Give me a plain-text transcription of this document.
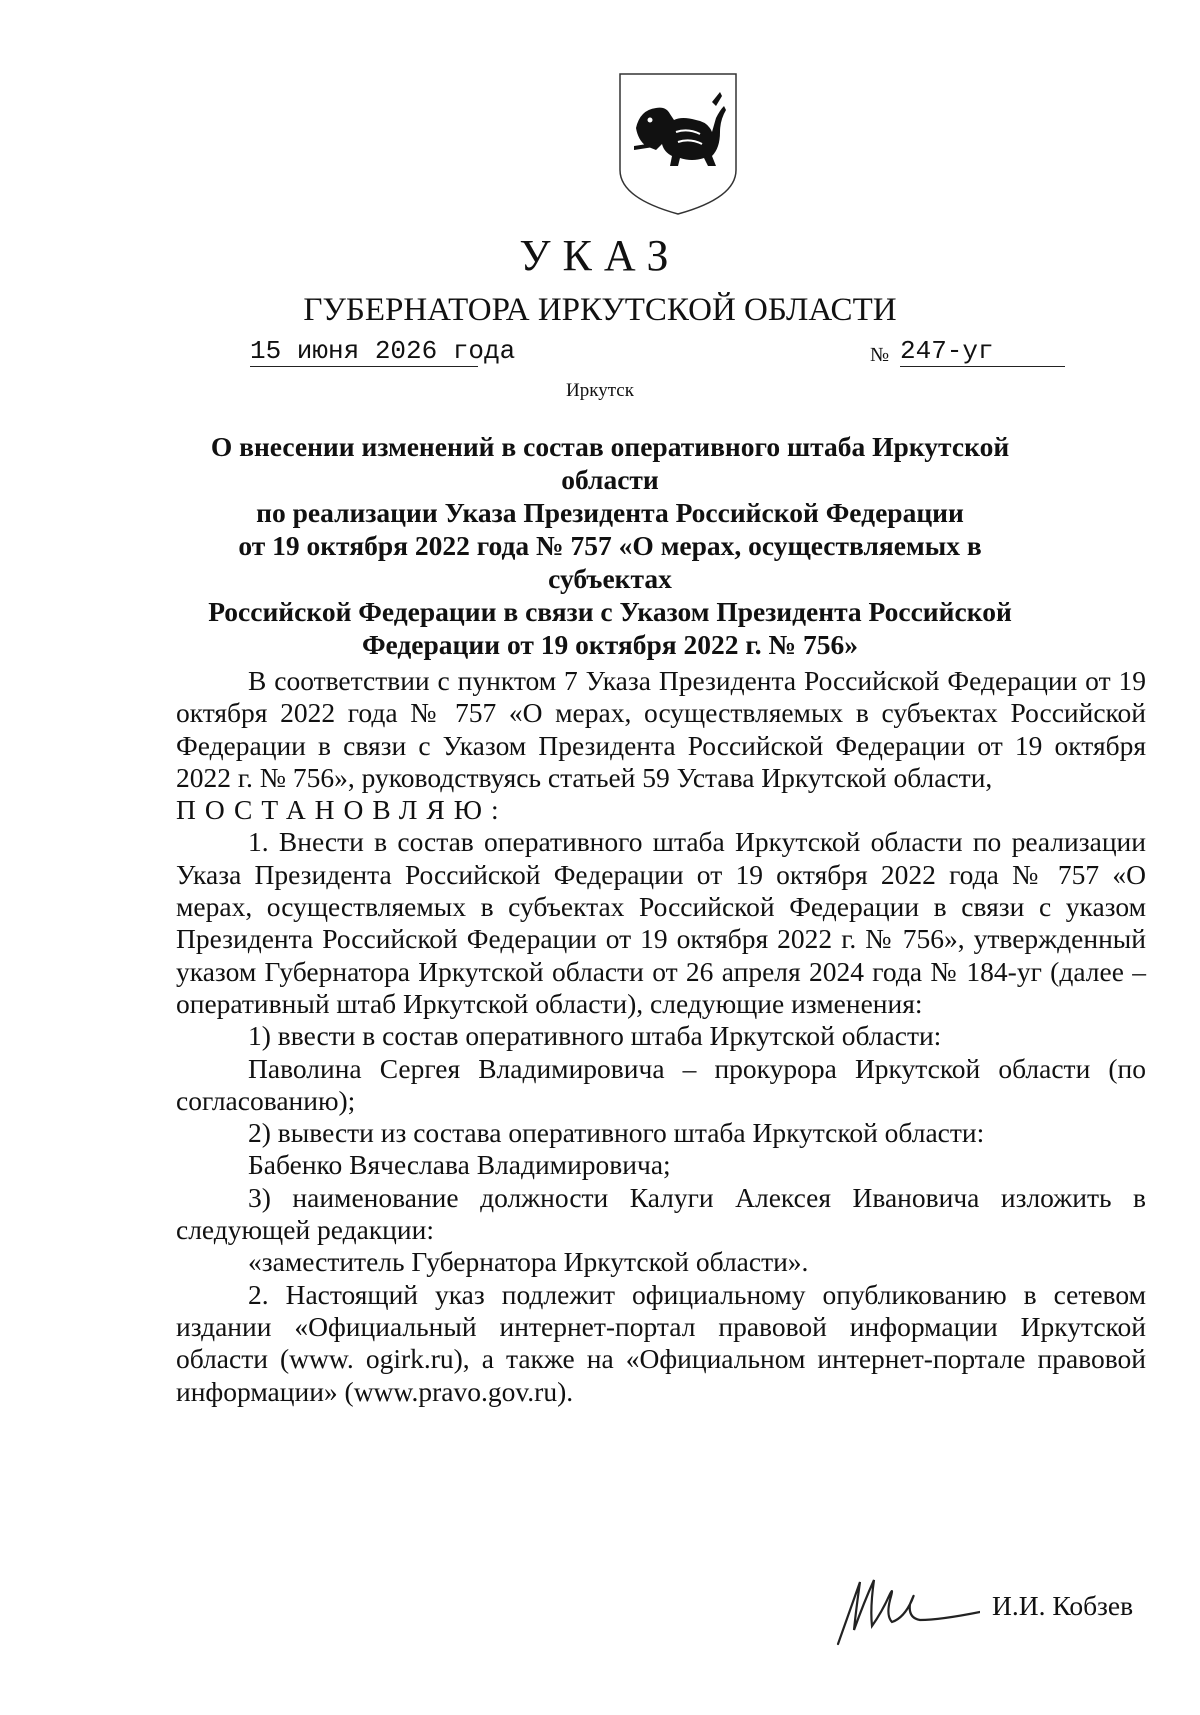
УКАЗ
ГУБЕРНАТОРА ИРКУТСКОЙ ОБЛАСТИ
15 июня 2026 года	№ 247-уг
Иркутск
О внесении изменений в состав оперативного штаба Иркутской области
по реализации Указа Президента Российской Федерации
от 19 октября 2022 года № 757 «О мерах, осуществляемых в субъектах
Российской Федерации в связи с Указом Президента Российской
Федерации от 19 октября 2022 г. № 756»

В соответствии с пунктом 7 Указа Президента Российской Федерации от 19 октября 2022 года № 757 «О мерах, осуществляемых в субъектах Российской Федерации в связи с Указом Президента Российской Федерации от 19 октября 2022 г. № 756», руководствуясь статьей 59 Устава Иркутской области,

ПОСТАНОВЛЯЮ:

1. Внести в состав оперативного штаба Иркутской области по реализации Указа Президента Российской Федерации от 19 октября 2022 года № 757 «О мерах, осуществляемых в субъектах Российской Федерации в связи с указом Президента Российской Федерации от 19 октября 2022 г. № 756», утвержденный указом Губернатора Иркутской области от 26 апреля 2024 года № 184-уг (далее – оперативный штаб Иркутской области), следующие изменения:

1) ввести в состав оперативного штаба Иркутской области:

Паволина Сергея Владимировича – прокурора Иркутской области (по согласованию);

2) вывести из состава оперативного штаба Иркутской области:

Бабенко Вячеслава Владимировича;

3) наименование должности Калуги Алексея Ивановича изложить в следующей редакции:

«заместитель Губернатора Иркутской области».

2. Настоящий указ подлежит официальному опубликованию в сетевом издании «Официальный интернет-портал правовой информации Иркутской области (www. ogirk.ru), а также на «Официальном интернет-портале правовой информации» (www.pravo.gov.ru).

И.И. Кобзев
